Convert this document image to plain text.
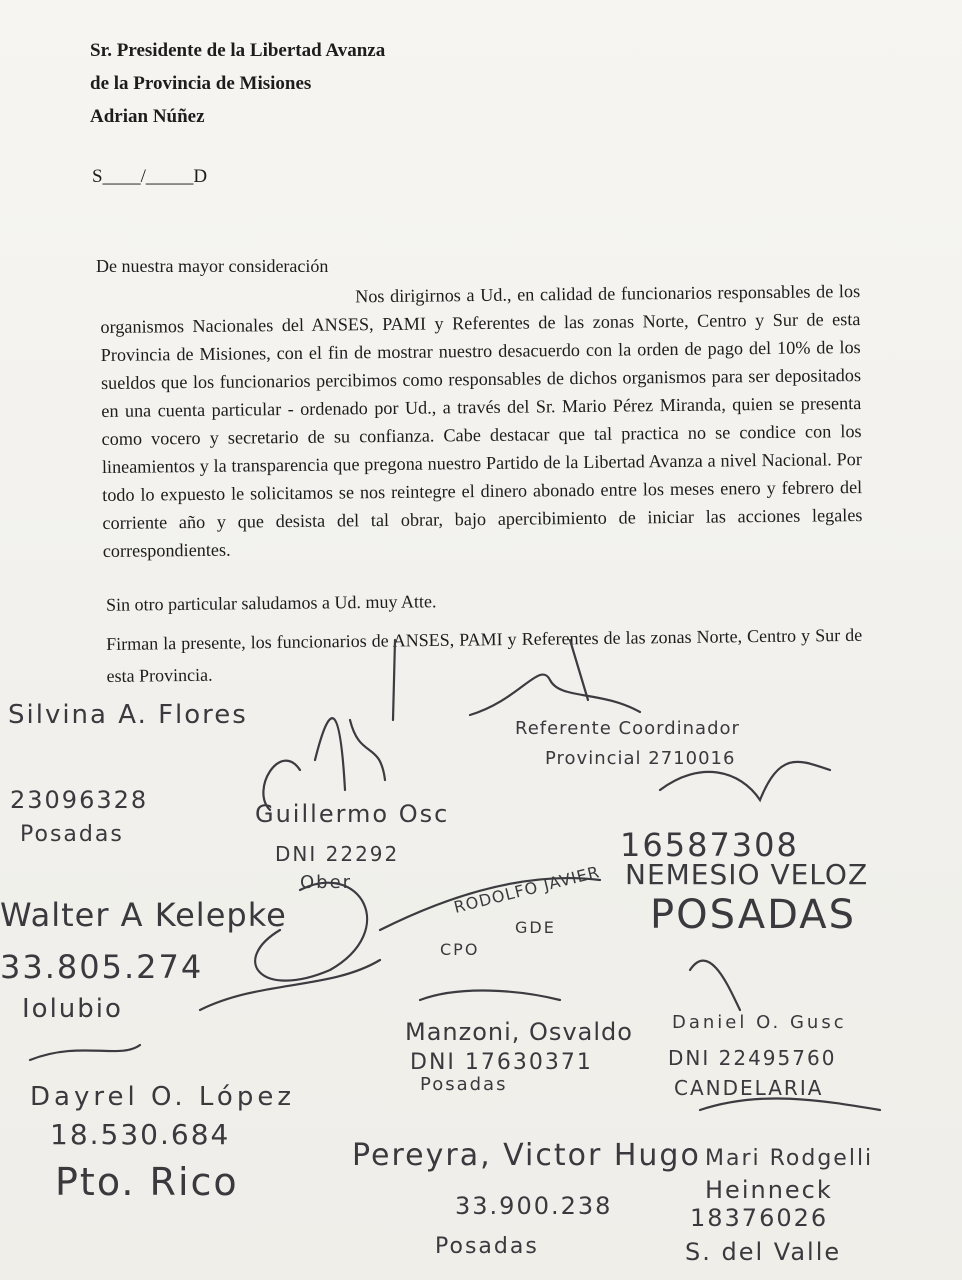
Sr. Presidente de la Libertad Avanza
de la Provincia de Misiones
Adrian Núñez
S____/_____D
De nuestra mayor consideración
Nos dirigirnos a Ud., en calidad de funcionarios responsables de los organismos Nacionales del ANSES, PAMI y Referentes de las zonas Norte, Centro y Sur de esta Provincia de Misiones, con el fin de mostrar nuestro desacuerdo con la orden de pago del 10% de los sueldos que los funcionarios percibimos como responsables de dichos organismos para ser depositados en una cuenta particular - ordenado por Ud., a través del Sr. Mario Pérez Miranda, quien se presenta como vocero y secretario de su confianza. Cabe destacar que tal practica no se condice con los lineamientos y la transparencia que pregona nuestro Partido de la Libertad Avanza a nivel Nacional. Por todo lo expuesto le solicitamos se nos reintegre el dinero abonado entre los meses enero y febrero del corriente año y que desista del tal obrar, bajo apercibimiento de iniciar las acciones legales correspondientes.
Sin otro particular saludamos a Ud. muy Atte.
Firman la presente, los funcionarios de ANSES, PAMI y Referentes de las zonas Norte, Centro y Sur de esta Provincia.
Silvina A. Flores
23096328
Posadas
Referente Coordinador
Provincial 2710016
Guillermo Osc
DNI 22292
Ober
16587308
NEMESIO VELOZ
POSADAS
Walter A Kelepke
33.805.274
Iolubio
RODOLFO JAVIER
GDE
CPO
Manzoni, Osvaldo
DNI 17630371
Posadas
Daniel O. Gusc
DNI 22495760
CANDELARIA
Dayrel O. López
18.530.684
Pto. Rico
Pereyra, Victor Hugo
33.900.238
Posadas
Mari Rodgelli
Heinneck
18376026
S. del Valle
